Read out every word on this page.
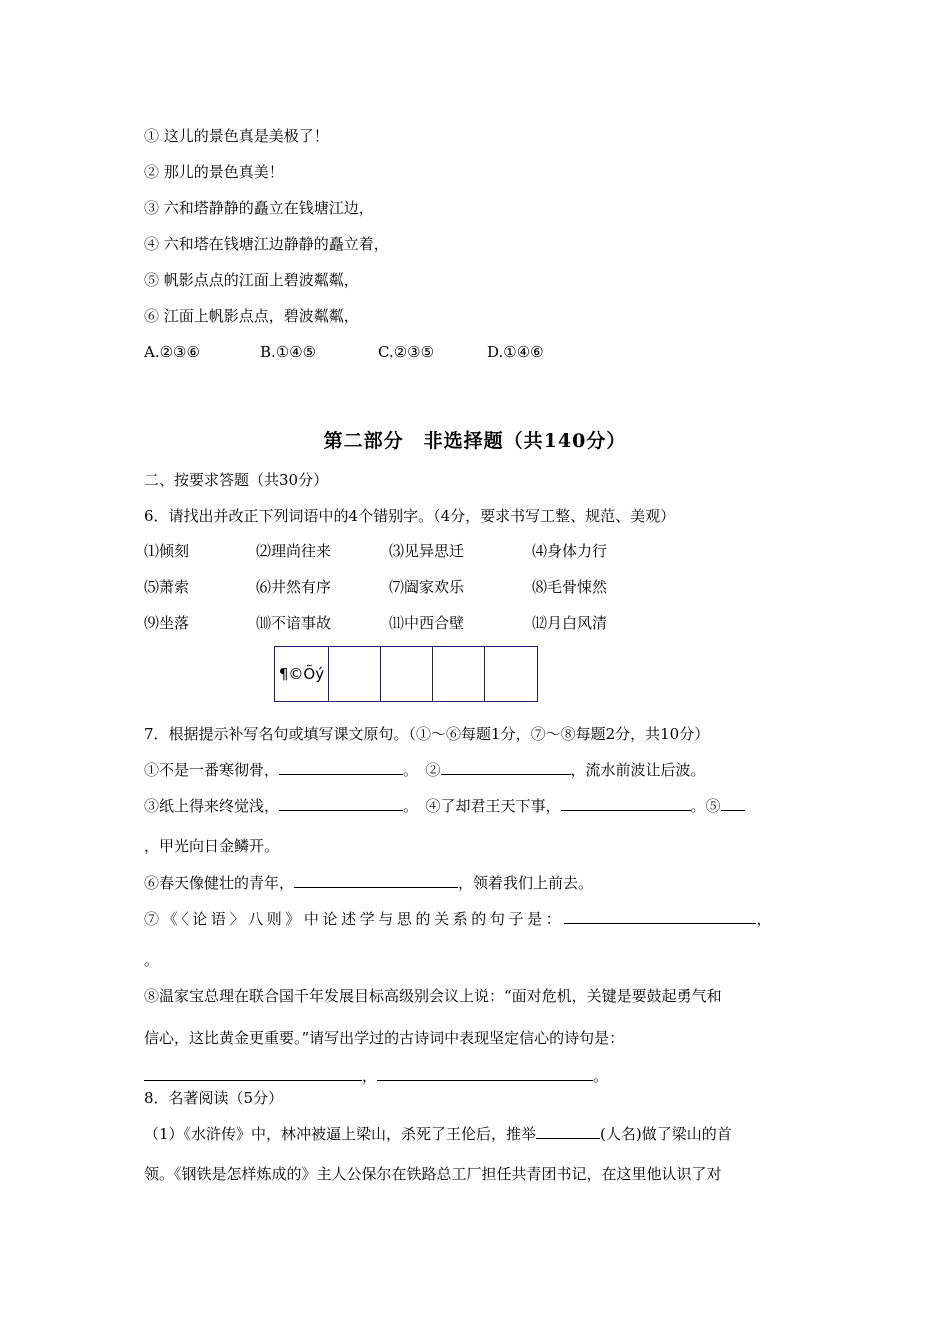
① 这儿的景色真是美极了！
② 那儿的景色真美！
③ 六和塔静静的矗立在钱塘江边，
④ 六和塔在钱塘江边静静的矗立着，
⑤ 帆影点点的江面上碧波粼粼，
⑥ 江面上帆影点点，碧波粼粼，
A.②③⑥	B.①④⑤	C.②③⑤	D.①④⑥
第二部分　非选择题（共140分）
二、按要求答题（共30分）
6．请找出并改正下列词语中的4个错别字。（4分，要求书写工整、规范、美观）
⑴倾刻	⑵理尚往来	⑶见异思迁	⑷身体力行
⑸萧索	⑹井然有序	⑺阖家欢乐	⑻毛骨悚然
⑼坐落	⑽不谙事故	⑾中西合壁	⑿月白风清
¶©Õý
7．根据提示补写名句或填写课文原句。（①～⑥每题1分，⑦～⑧每题2分，共10分）
①不是一番寒彻骨，	。　②	，流水前波让后波。
③纸上得来终觉浅，	。　④了却君王天下事，	。⑤
，甲光向日金鳞开。
⑥春天像健壮的青年，	，领着我们上前去。
⑦《〈论语〉八则》中论述学与思的关系的句子是：	，
。
⑧温家宝总理在联合国千年发展目标高级别会议上说：“面对危机，关键是要鼓起勇气和
信心，这比黄金更重要。”请写出学过的古诗词中表现坚定信心的诗句是：
，	。
8．名著阅读（5分）
（1）《水浒传》中，林冲被逼上梁山，杀死了王伦后，推举	(人名)做了梁山的首
领。《钢铁是怎样炼成的》主人公保尔在铁路总工厂担任共青团书记，在这里他认识了对
